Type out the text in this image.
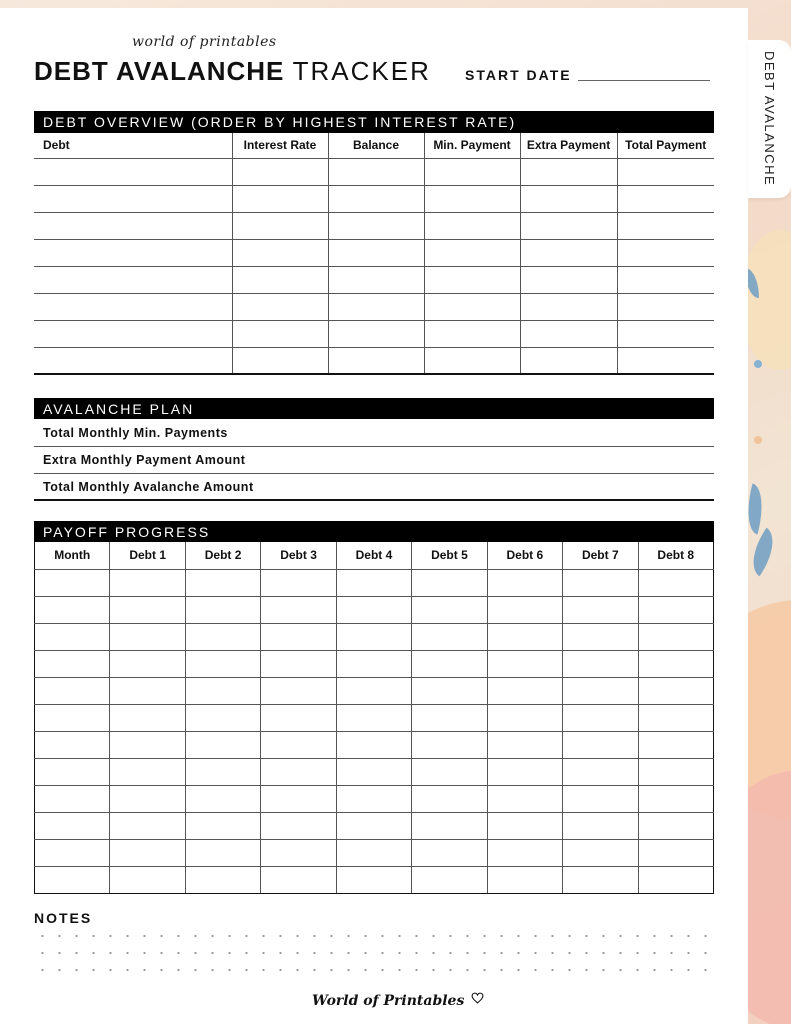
DEBT AVALANCHE
world of printables
DEBT AVALANCHE TRACKER START DATE
DEBT OVERVIEW (ORDER BY HIGHEST INTEREST RATE)
Debt	Interest Rate	Balance	Min. Payment	Extra Payment	Total Payment

AVALANCHE PLAN
Total Monthly Min. Payments
Extra Monthly Payment Amount
Total Monthly Avalanche Amount
PAYOFF PROGRESS
Month	Debt 1	Debt 2	Debt 3	Debt 4	Debt 5	Debt 6	Debt 7	Debt 8

NOTES
World of Printables
